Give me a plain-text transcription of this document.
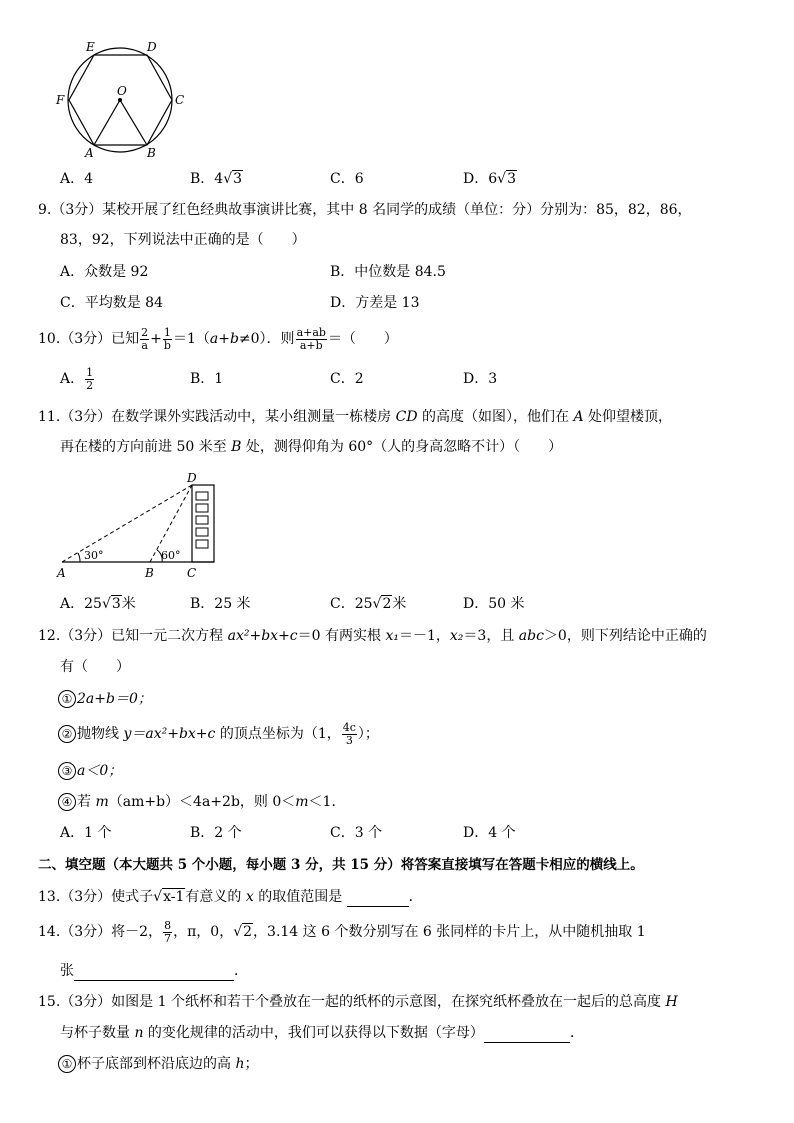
E	D
F	C
O
A	B
A．4	B．4√3	C．6	D．6√3
9.（3分）某校开展了红色经典故事演讲比赛，其中 8 名同学的成绩（单位：分）分别为：85，82，86，
83，92，下列说法中正确的是（　　）
A．众数是 92	B．中位数是 84.5
C．平均数是 84	D．方差是 13
10.（3分）已知 $\frac{2}{a} + \frac{1}{b} =1(a+b\ne 0)$．则 $\frac{a+ab}{a+b}$ ＝（　　）
A． $\frac{1}{2}$	B．1	C．2	D．3
11.（3分）在数学课外实践活动中，某小组测量一栋楼房 CD 的高度（如图），他们在 A 处仰望楼顶，
再在楼的方向前进 50 米至 B 处，测得仰角为 60°（人的身高忽略不计）（　　）
D
A	B	C
30°	60°
A．25√3米	B．25 米	C．25√2米	D．50 米
12.（3分）已知一元二次方程 ax²+bx+c＝0 有两实根 x₁＝－1，x₂＝3，且 abc＞0，则下列结论中正确的
有（　　）
① 2a+b＝0；
② 抛物线 y＝ax²+bx+c 的顶点坐标为（1， $\frac{4c}{3}$ ）；
③ a＜0；
④ 若 m（am+b）＜4a+2b，则 0＜m＜1．
A．1 个	B．2 个	C．3 个	D．4 个
二、填空题（本大题共 5 个小题，每小题 3 分，共 15 分）将答案直接填写在答题卡相应的横线上。
13.（3分）使式子√x-1有意义的 x 的取值范围是	．
14.（3分）将－2， $\frac{8}{7}$ ，π，0，√2，3.14 这 6 个数分别写在 6 张同样的卡片上，从中随机抽取 1
张	．
15.（3分）如图是 1 个纸杯和若干个叠放在一起的纸杯的示意图，在探究纸杯叠放在一起后的总高度 H
与杯子数量 n 的变化规律的活动中，我们可以获得以下数据（字母）	．
① 杯子底部到杯沿底边的高 h；
